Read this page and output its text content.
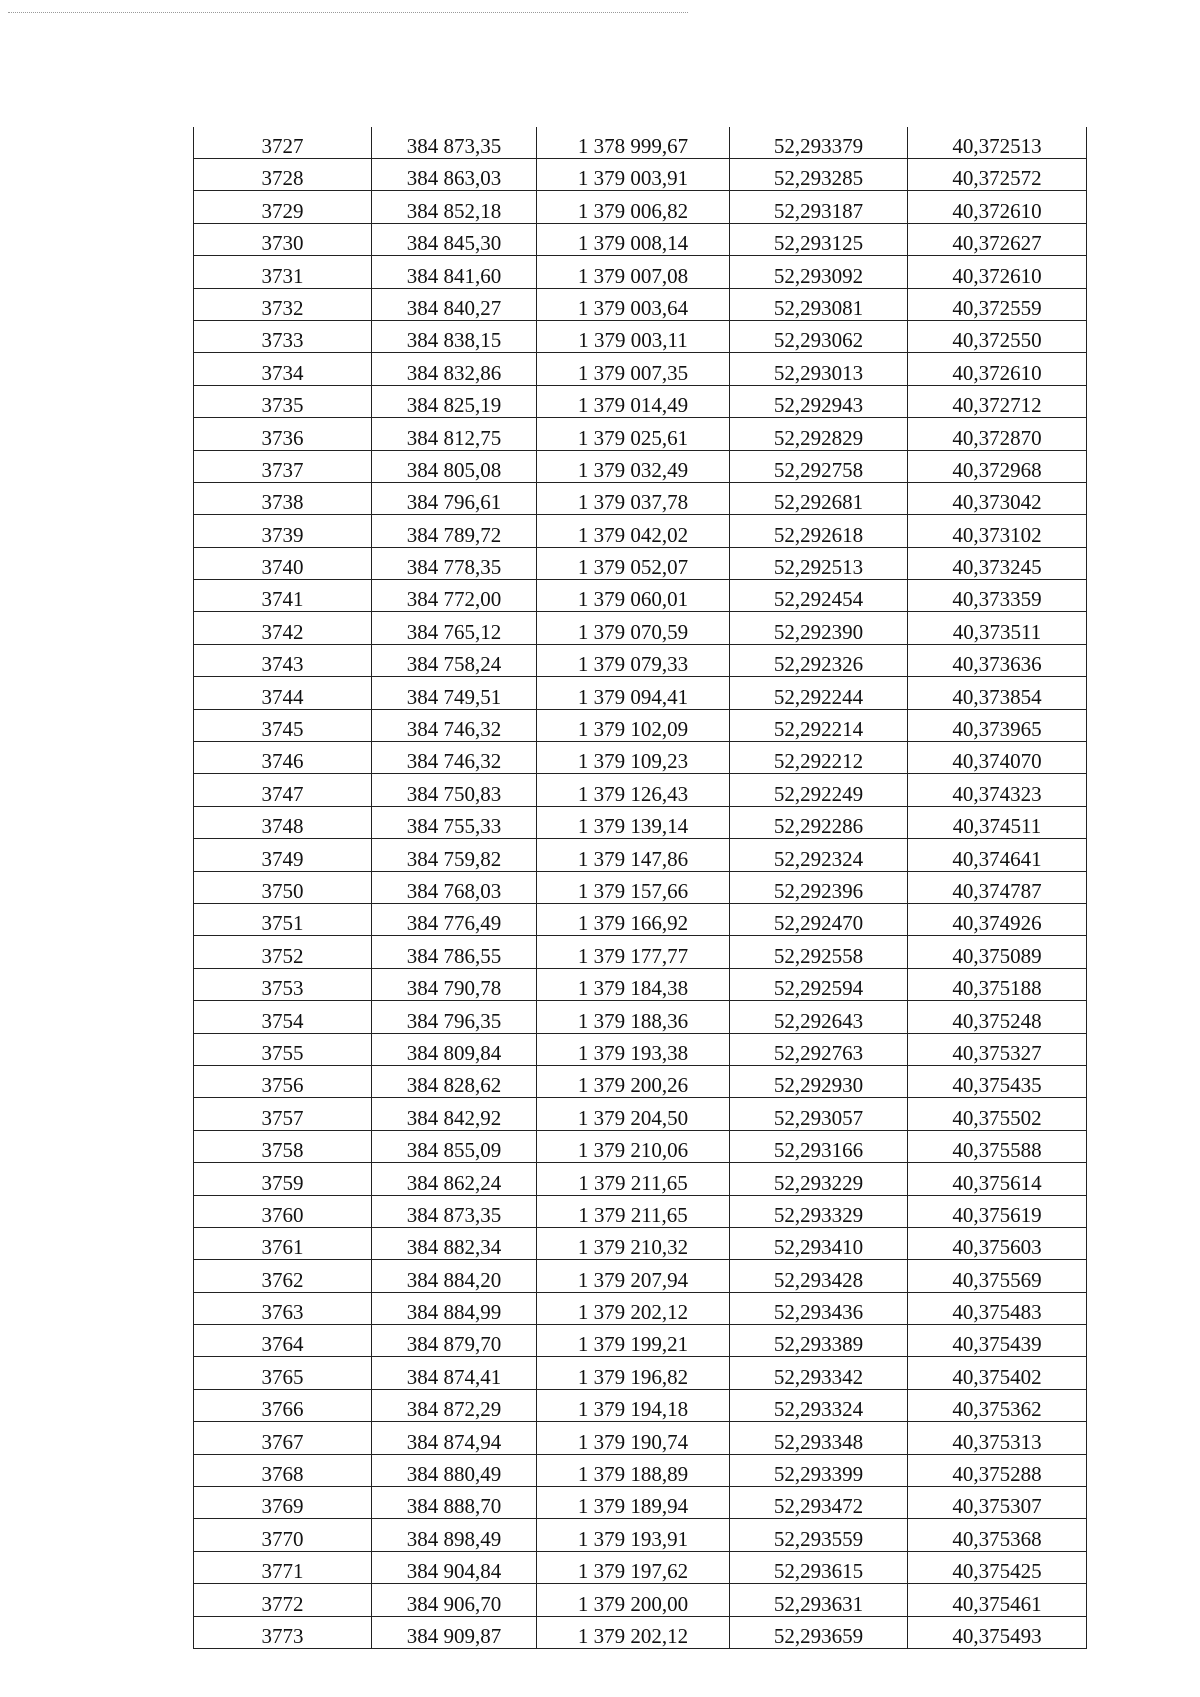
3727	384 873,35	1 378 999,67	52,293379	40,372513
3728	384 863,03	1 379 003,91	52,293285	40,372572
3729	384 852,18	1 379 006,82	52,293187	40,372610
3730	384 845,30	1 379 008,14	52,293125	40,372627
3731	384 841,60	1 379 007,08	52,293092	40,372610
3732	384 840,27	1 379 003,64	52,293081	40,372559
3733	384 838,15	1 379 003,11	52,293062	40,372550
3734	384 832,86	1 379 007,35	52,293013	40,372610
3735	384 825,19	1 379 014,49	52,292943	40,372712
3736	384 812,75	1 379 025,61	52,292829	40,372870
3737	384 805,08	1 379 032,49	52,292758	40,372968
3738	384 796,61	1 379 037,78	52,292681	40,373042
3739	384 789,72	1 379 042,02	52,292618	40,373102
3740	384 778,35	1 379 052,07	52,292513	40,373245
3741	384 772,00	1 379 060,01	52,292454	40,373359
3742	384 765,12	1 379 070,59	52,292390	40,373511
3743	384 758,24	1 379 079,33	52,292326	40,373636
3744	384 749,51	1 379 094,41	52,292244	40,373854
3745	384 746,32	1 379 102,09	52,292214	40,373965
3746	384 746,32	1 379 109,23	52,292212	40,374070
3747	384 750,83	1 379 126,43	52,292249	40,374323
3748	384 755,33	1 379 139,14	52,292286	40,374511
3749	384 759,82	1 379 147,86	52,292324	40,374641
3750	384 768,03	1 379 157,66	52,292396	40,374787
3751	384 776,49	1 379 166,92	52,292470	40,374926
3752	384 786,55	1 379 177,77	52,292558	40,375089
3753	384 790,78	1 379 184,38	52,292594	40,375188
3754	384 796,35	1 379 188,36	52,292643	40,375248
3755	384 809,84	1 379 193,38	52,292763	40,375327
3756	384 828,62	1 379 200,26	52,292930	40,375435
3757	384 842,92	1 379 204,50	52,293057	40,375502
3758	384 855,09	1 379 210,06	52,293166	40,375588
3759	384 862,24	1 379 211,65	52,293229	40,375614
3760	384 873,35	1 379 211,65	52,293329	40,375619
3761	384 882,34	1 379 210,32	52,293410	40,375603
3762	384 884,20	1 379 207,94	52,293428	40,375569
3763	384 884,99	1 379 202,12	52,293436	40,375483
3764	384 879,70	1 379 199,21	52,293389	40,375439
3765	384 874,41	1 379 196,82	52,293342	40,375402
3766	384 872,29	1 379 194,18	52,293324	40,375362
3767	384 874,94	1 379 190,74	52,293348	40,375313
3768	384 880,49	1 379 188,89	52,293399	40,375288
3769	384 888,70	1 379 189,94	52,293472	40,375307
3770	384 898,49	1 379 193,91	52,293559	40,375368
3771	384 904,84	1 379 197,62	52,293615	40,375425
3772	384 906,70	1 379 200,00	52,293631	40,375461
3773	384 909,87	1 379 202,12	52,293659	40,375493
